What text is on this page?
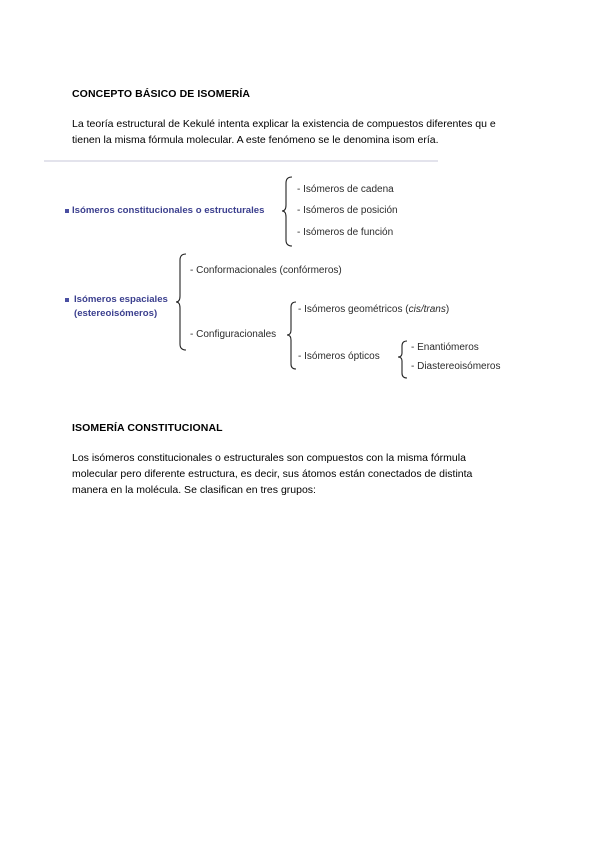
CONCEPTO BÁSICO DE ISOMERÍA
La teoría estructural de Kekulé intenta explicar la existencia de compuestos diferentes qu e
tienen la misma fórmula molecular. A este fenómeno se le denomina isom ería.
Isómeros constitucionales o estructurales
- Isómeros de cadena
- Isómeros de posición
- Isómeros de función
Isómeros espaciales
(estereoisómeros)
- Conformacionales (confórmeros)
- Configuracionales
- Isómeros geométricos (cis/trans)
- Isómeros ópticos
- Enantiómeros
- Diastereoisómeros
ISOMERÍA CONSTITUCIONAL
Los isómeros constitucionales o estructurales son compuestos con la misma fórmula
molecular pero diferente estructura, es decir, sus átomos están conectados de distinta
manera en la molécula. Se clasifican en tres grupos:
